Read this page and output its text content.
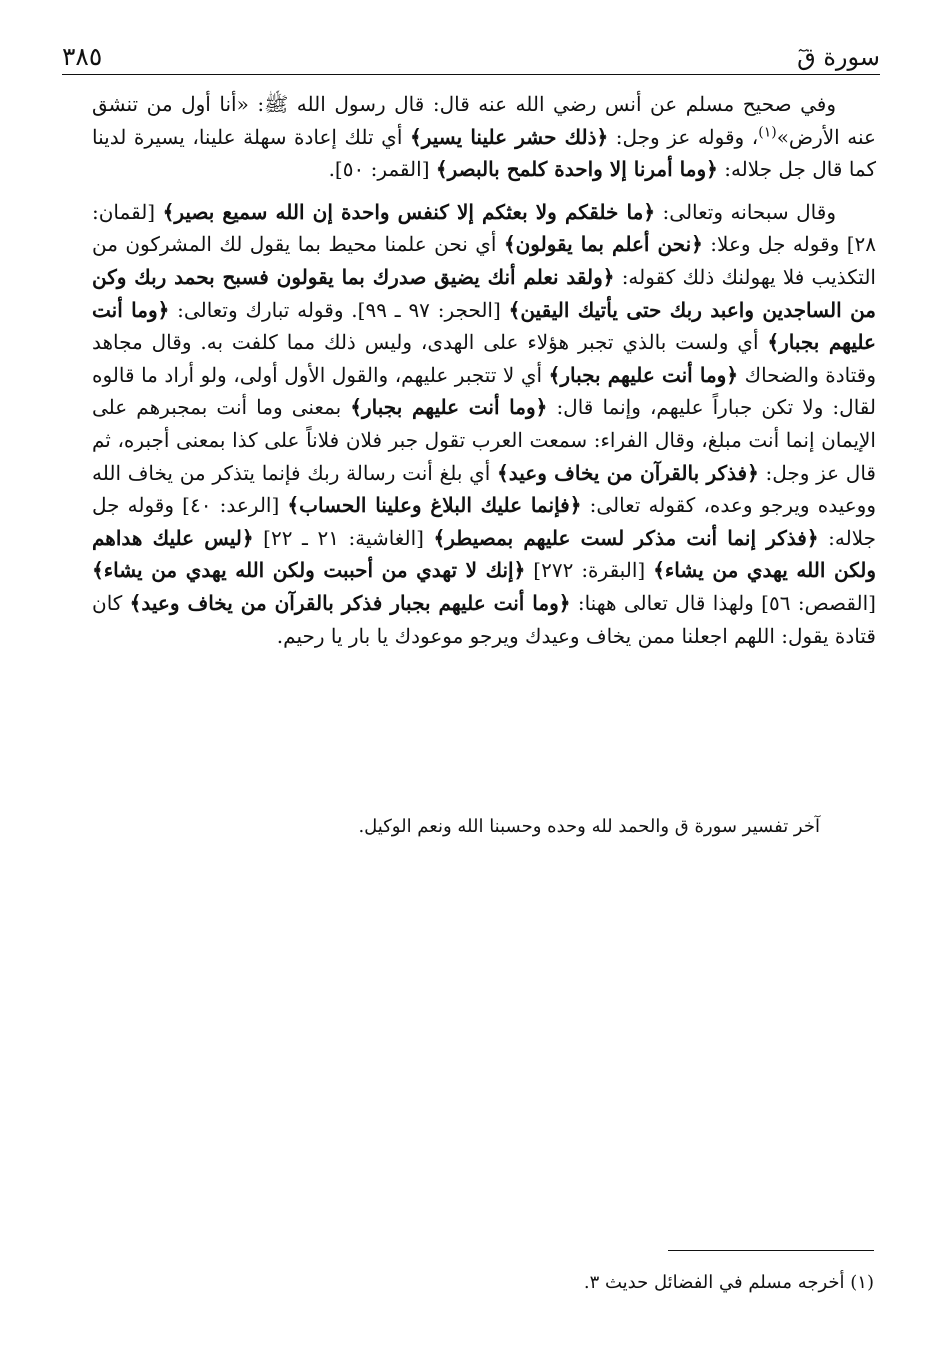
٣٨٥	سورة قٓ

وفي صحيح مسلم عن أنس رضي الله عنه قال: قال رسول الله ﷺ: «أنا أول من تنشق عنه الأرض»$^{(١)}$، وقوله عز وجل: ﴿ذلك حشر علينا يسير﴾ أي تلك إعادة سهلة علينا، يسيرة لدينا كما قال جل جلاله: ﴿وما أمرنا إلا واحدة كلمح بالبصر﴾ [القمر: ٥٠].

وقال سبحانه وتعالى: ﴿ما خلقكم ولا بعثكم إلا كنفس واحدة إن الله سميع بصير﴾ [لقمان: ٢٨] وقوله جل وعلا: ﴿نحن أعلم بما يقولون﴾ أي نحن علمنا محيط بما يقول لك المشركون من التكذيب فلا يهولنك ذلك كقوله: ﴿ولقد نعلم أنك يضيق صدرك بما يقولون فسبح بحمد ربك وكن من الساجدين واعبد ربك حتى يأتيك اليقين﴾ [الحجر: ٩٧ ـ ٩٩]. وقوله تبارك وتعالى: ﴿وما أنت عليهم بجبار﴾ أي ولست بالذي تجبر هؤلاء على الهدى، وليس ذلك مما كلفت به. وقال مجاهد وقتادة والضحاك ﴿وما أنت عليهم بجبار﴾ أي لا تتجبر عليهم، والقول الأول أولى، ولو أراد ما قالوه لقال: ولا تكن جباراً عليهم، وإنما قال: ﴿وما أنت عليهم بجبار﴾ بمعنى وما أنت بمجبرهم على الإيمان إنما أنت مبلغ، وقال الفراء: سمعت العرب تقول جبر فلان فلاناً على كذا بمعنى أجبره، ثم قال عز وجل: ﴿فذكر بالقرآن من يخاف وعيد﴾ أي بلغ أنت رسالة ربك فإنما يتذكر من يخاف الله ووعيده ويرجو وعده، كقوله تعالى: ﴿فإنما عليك البلاغ وعلينا الحساب﴾ [الرعد: ٤٠] وقوله جل جلاله: ﴿فذكر إنما أنت مذكر لست عليهم بمصيطر﴾ [الغاشية: ٢١ ـ ٢٢] ﴿ليس عليك هداهم ولكن الله يهدي من يشاء﴾ [البقرة: ٢٧٢] ﴿إنك لا تهدي من أحببت ولكن الله يهدي من يشاء﴾ [القصص: ٥٦] ولهذا قال تعالى ههنا: ﴿وما أنت عليهم بجبار فذكر بالقرآن من يخاف وعيد﴾ كان قتادة يقول: اللهم اجعلنا ممن يخاف وعيدك ويرجو موعودك يا بار يا رحيم.

آخر تفسير سورة ق والحمد لله وحده وحسبنا الله ونعم الوكيل.
(١) أخرجه مسلم في الفضائل حديث ٣.
